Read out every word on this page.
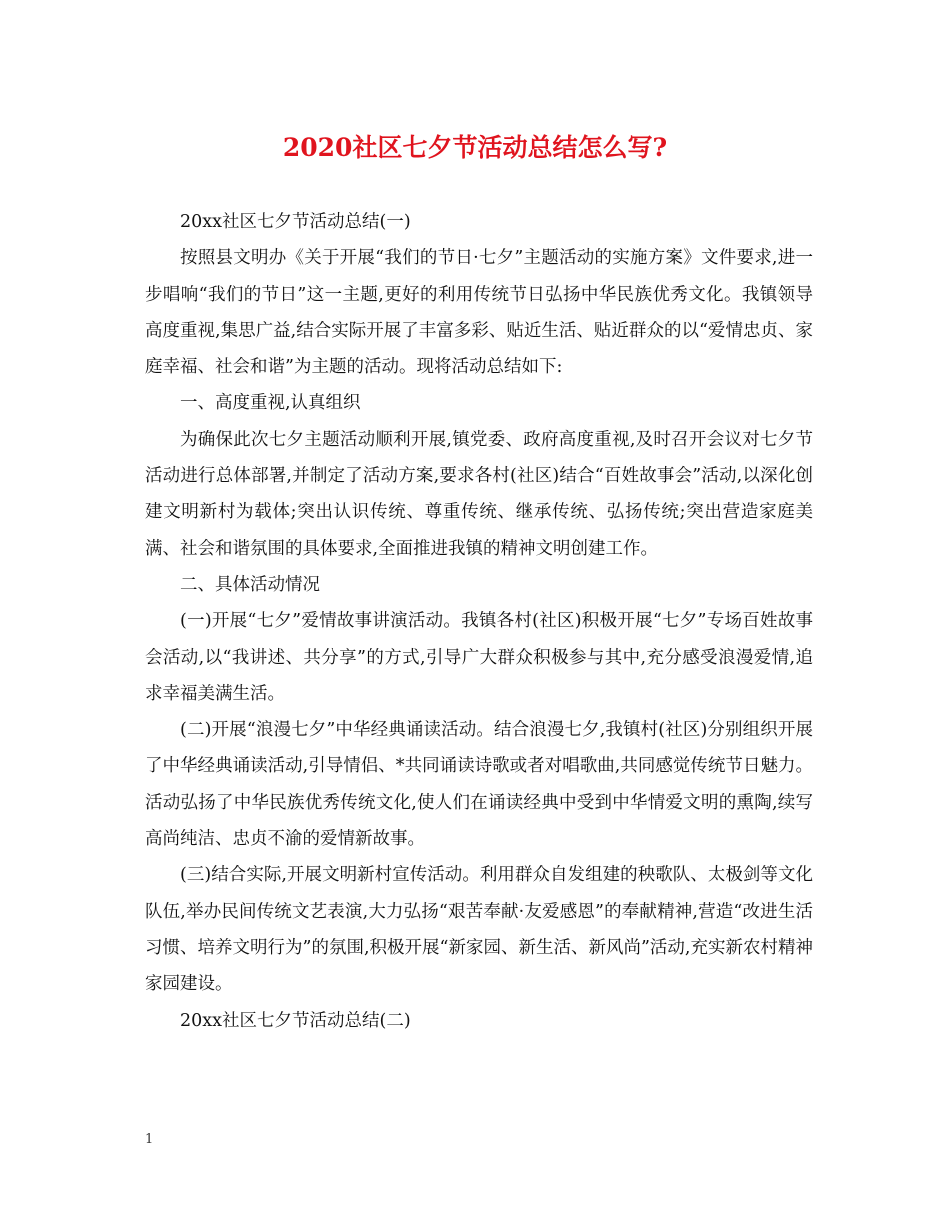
2020社区七夕节活动总结怎么写?

20xx社区七夕节活动总结(一)

按照县文明办《关于开展“我们的节日·七夕”主题活动的实施方案》文件要求,进一步唱响“我们的节日”这一主题,更好的利用传统节日弘扬中华民族优秀文化。我镇领导高度重视,集思广益,结合实际开展了丰富多彩、贴近生活、贴近群众的以“爱情忠贞、家庭幸福、社会和谐”为主题的活动。现将活动总结如下:

一、高度重视,认真组织

为确保此次七夕主题活动顺利开展,镇党委、政府高度重视,及时召开会议对七夕节活动进行总体部署,并制定了活动方案,要求各村(社区)结合“百姓故事会”活动,以深化创建文明新村为载体;突出认识传统、尊重传统、继承传统、弘扬传统;突出营造家庭美满、社会和谐氛围的具体要求,全面推进我镇的精神文明创建工作。

二、具体活动情况

(一)开展“七夕”爱情故事讲演活动。我镇各村(社区)积极开展“七夕”专场百姓故事会活动,以“我讲述、共分享”的方式,引导广大群众积极参与其中,充分感受浪漫爱情,追求幸福美满生活。

(二)开展“浪漫七夕”中华经典诵读活动。结合浪漫七夕,我镇村(社区)分别组织开展了中华经典诵读活动,引导情侣、*共同诵读诗歌或者对唱歌曲,共同感觉传统节日魅力。活动弘扬了中华民族优秀传统文化,使人们在诵读经典中受到中华情爱文明的熏陶,续写高尚纯洁、忠贞不渝的爱情新故事。

(三)结合实际,开展文明新村宣传活动。利用群众自发组建的秧歌队、太极剑等文化队伍,举办民间传统文艺表演,大力弘扬“艰苦奉献·友爱感恩”的奉献精神,营造“改进生活习惯、培养文明行为”的氛围,积极开展“新家园、新生活、新风尚”活动,充实新农村精神家园建设。

20xx社区七夕节活动总结(二)

1
